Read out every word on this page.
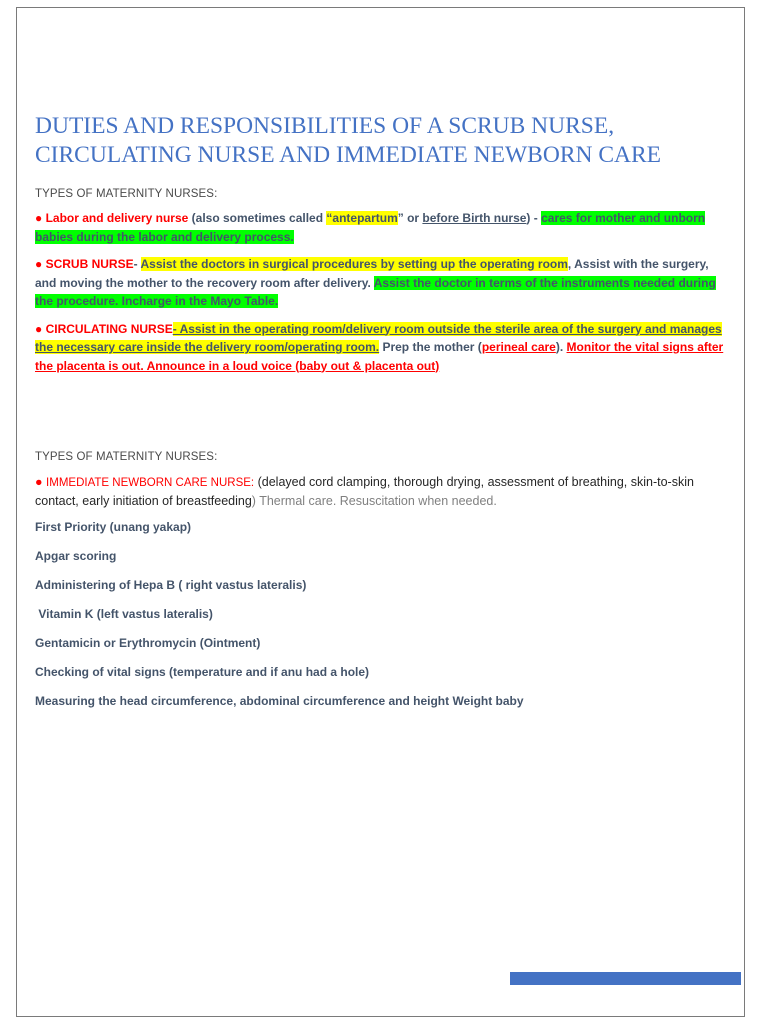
DUTIES AND RESPONSIBILITIES OF A SCRUB NURSE, CIRCULATING NURSE AND IMMEDIATE NEWBORN CARE

TYPES OF MATERNITY NURSES:

● Labor and delivery nurse (also sometimes called “antepartum” or before Birth nurse) - cares for mother and unborn babies during the labor and delivery process.

● SCRUB NURSE- Assist the doctors in surgical procedures by setting up the operating room, Assist with the surgery, and moving the mother to the recovery room after delivery. Assist the doctor in terms of the instruments needed during the procedure. Incharge in the Mayo Table.

● CIRCULATING NURSE- Assist in the operating room/delivery room outside the sterile area of the surgery and manages the necessary care inside the delivery room/operating room. Prep the mother (perineal care). Monitor the vital signs after the placenta is out. Announce in a loud voice (baby out & placenta out)

TYPES OF MATERNITY NURSES:

● IMMEDIATE NEWBORN CARE NURSE: (delayed cord clamping, thorough drying, assessment of breathing, skin-to-skin contact, early initiation of breastfeeding) Thermal care. Resuscitation when needed.

First Priority (unang yakap)

Apgar scoring

Administering of Hepa B ( right vastus lateralis)

Vitamin K (left vastus lateralis)

Gentamicin or Erythromycin (Ointment)

Checking of vital signs (temperature and if anu had a hole)

Measuring the head circumference, abdominal circumference and height Weight baby
